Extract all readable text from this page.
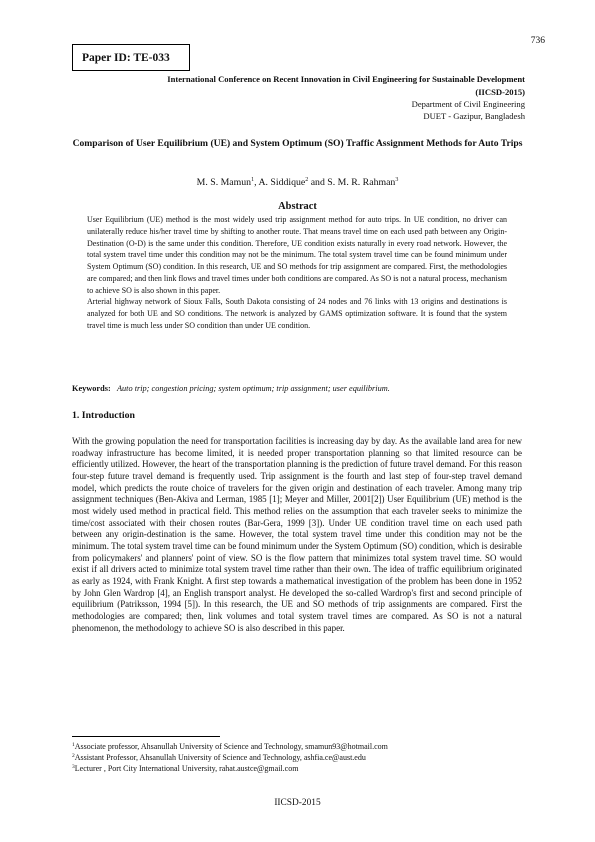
736
Paper ID: TE-033
International Conference on Recent Innovation in Civil Engineering for Sustainable Development
(IICSD-2015)
Department of Civil Engineering
DUET - Gazipur, Bangladesh
Comparison of User Equilibrium (UE) and System Optimum (SO) Traffic Assignment Methods for Auto Trips
M. S. Mamun$^1$, A. Siddique$^2$ and S. M. R. Rahman$^3$
Abstract

User Equilibrium (UE) method is the most widely used trip assignment method for auto trips. In UE condition, no driver can unilaterally reduce his/her travel time by shifting to another route. That means travel time on each used path between any Origin-Destination (O-D) is the same under this condition. Therefore, UE condition exists naturally in every road network. However, the total system travel time under this condition may not be the minimum. The total system travel time can be found minimum under System Optimum (SO) condition. In this research, UE and SO methods for trip assignment are compared. First, the methodologies are compared; and then link flows and travel times under both conditions are compared. As SO is not a natural process, mechanism to achieve SO is also shown in this paper.

Arterial highway network of Sioux Falls, South Dakota consisting of 24 nodes and 76 links with 13 origins and destinations is analyzed for both UE and SO conditions. The network is analyzed by GAMS optimization software. It is found that the system travel time is much less under SO condition than under UE condition.

Keywords: Auto trip; congestion pricing; system optimum; trip assignment; user equilibrium.
1. Introduction

With the growing population the need for transportation facilities is increasing day by day. As the available land area for new roadway infrastructure has become limited, it is needed proper transportation planning so that limited resource can be efficiently utilized. However, the heart of the transportation planning is the prediction of future travel demand. For this reason four-step future travel demand is frequently used. Trip assignment is the fourth and last step of four-step travel demand model, which predicts the route choice of travelers for the given origin and destination of each traveler. Among many trip assignment techniques (Ben-Akiva and Lerman, 1985 [1]; Meyer and Miller, 2001[2]) User Equilibrium (UE) method is the most widely used method in practical field. This method relies on the assumption that each traveler seeks to minimize the time/cost associated with their chosen routes (Bar-Gera, 1999 [3]). Under UE condition travel time on each used path between any origin-destination is the same. However, the total system travel time under this condition may not be the minimum. The total system travel time can be found minimum under the System Optimum (SO) condition, which is desirable from policymakers' and planners' point of view. SO is the flow pattern that minimizes total system travel time. SO would exist if all drivers acted to minimize total system travel time rather than their own. The idea of traffic equilibrium originated as early as 1924, with Frank Knight. A first step towards a mathematical investigation of the problem has been done in 1952 by John Glen Wardrop [4], an English transport analyst. He developed the so-called Wardrop's first and second principle of equilibrium (Patriksson, 1994 [5]). In this research, the UE and SO methods of trip assignments are compared. First the methodologies are compared; then, link volumes and total system travel times are compared. As SO is not a natural phenomenon, the methodology to achieve SO is also described in this paper.

$^1$Associate professor, Ahsanullah University of Science and Technology, smamun93@hotmail.com
$^2$Assistant Professor, Ahsanullah University of Science and Technology, ashfia.ce@aust.edu
$^3$Lecturer , Port City International University, rahat.austce@gmail.com
IICSD-2015
